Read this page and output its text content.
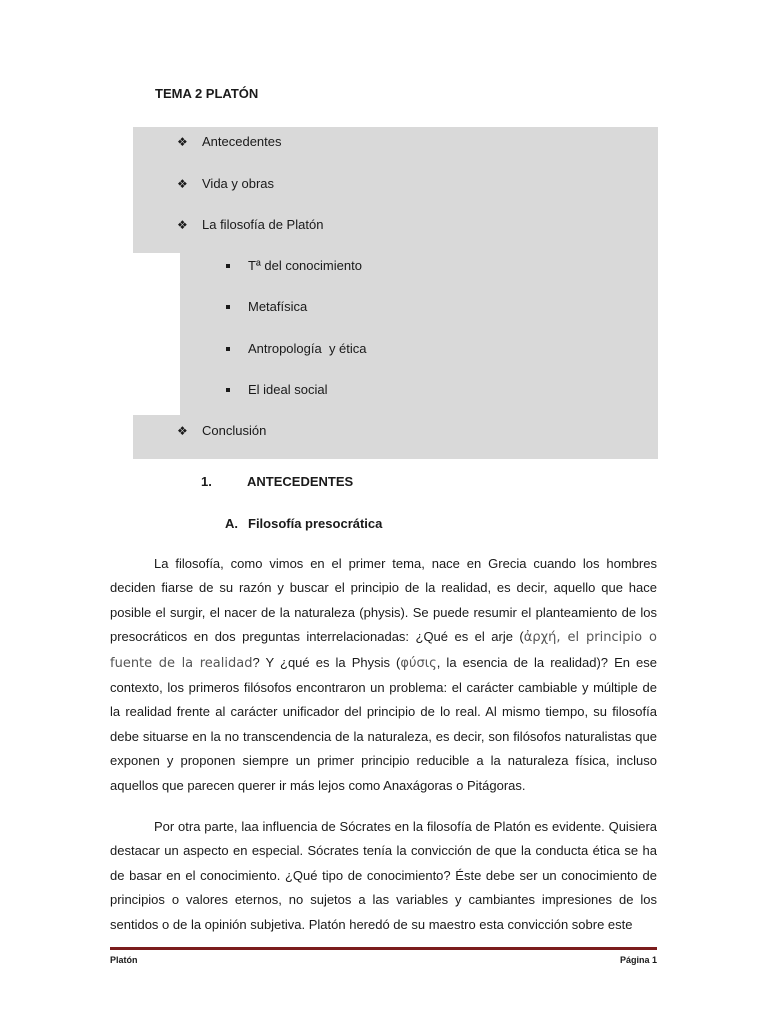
TEMA 2 PLATÓN
❖ Antecedentes
❖ Vida y obras
❖ La filosofía de Platón
Tª del conocimiento
Metafísica
Antropología  y ética
El ideal social
❖ Conclusión
1.	ANTECEDENTES
A. Filosofía presocrática
La filosofía, como vimos en el primer tema, nace en Grecia cuando los hombres deciden fiarse de su razón y buscar el principio de la realidad, es decir, aquello que hace posible el surgir, el nacer de la naturaleza (physis). Se puede resumir el planteamiento de los presocráticos en dos preguntas interrelacionadas: ¿Qué es el arje (ἀρχή, el principio o fuente de la realidad? Y ¿qué es la Physis (φύσις, la esencia de la realidad)? En ese contexto, los primeros filósofos encontraron un problema: el carácter cambiable y múltiple de la realidad frente al carácter unificador del principio de lo real. Al mismo tiempo, su filosofía debe situarse en la no transcendencia de la naturaleza, es decir, son filósofos naturalistas que exponen y proponen siempre un primer principio reducible a la naturaleza física, incluso aquellos que parecen querer ir más lejos como Anaxágoras o Pitágoras.
Por otra parte, laa influencia de Sócrates en la filosofía de Platón es evidente. Quisiera destacar un aspecto en especial. Sócrates tenía la convicción de que la conducta ética se ha de basar en el conocimiento. ¿Qué tipo de conocimiento? Éste debe ser un conocimiento de principios o valores eternos, no sujetos a las variables y cambiantes impresiones de los sentidos o de la opinión subjetiva. Platón heredó de su maestro esta convicción sobre este
Platón	Página 1
